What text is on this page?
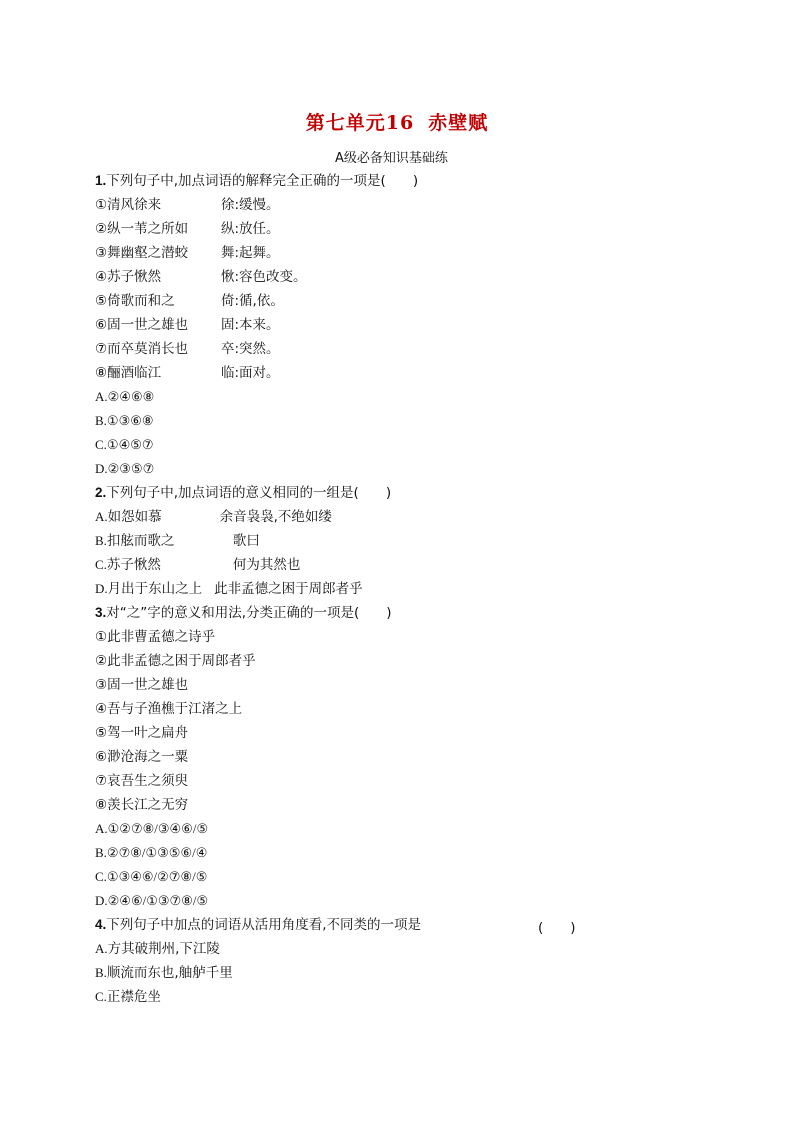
第七单元16 赤壁赋
A级必备知识基础练
1.下列句子中,加点词语的解释完全正确的一项是(　　)
①清风徐来	徐:缓慢。
②纵一苇之所如 纵:放任。
③舞幽壑之潜蛟 舞:起舞。
④苏子愀然	愀:容色改变。
⑤倚歌而和之	倚:循,依。
⑥固一世之雄也 固:本来。
⑦而卒莫消长也 卒:突然。
⑧酾酒临江	临:面对。
A.②④⑥⑧
B.①③⑥⑧
C.①④⑤⑦
D.②③⑤⑦
2.下列句子中,加点词语的意义相同的一组是(　　)
A.如怨如慕	余音袅袅,不绝如缕
B.扣舷而歌之	歌曰
C.苏子愀然	何为其然也
D.月出于东山之上 此非孟德之困于周郎者乎
3.对“之”字的意义和用法,分类正确的一项是(　　)
①此非曹孟德之诗乎
②此非孟德之困于周郎者乎
③固一世之雄也
④吾与子渔樵于江渚之上
⑤驾一叶之扁舟
⑥渺沧海之一粟
⑦哀吾生之须臾
⑧羡长江之无穷
A.①②⑦⑧/③④⑥/⑤
B.②⑦⑧/①③⑤⑥/④
C.①③④⑥/②⑦⑧/⑤
D.②④⑥/①③⑦⑧/⑤
4.下列句子中加点的词语从活用角度看,不同类的一项是	(　　)
A.方其破荆州,下江陵
B.顺流而东也,舳舻千里
C.正襟危坐
